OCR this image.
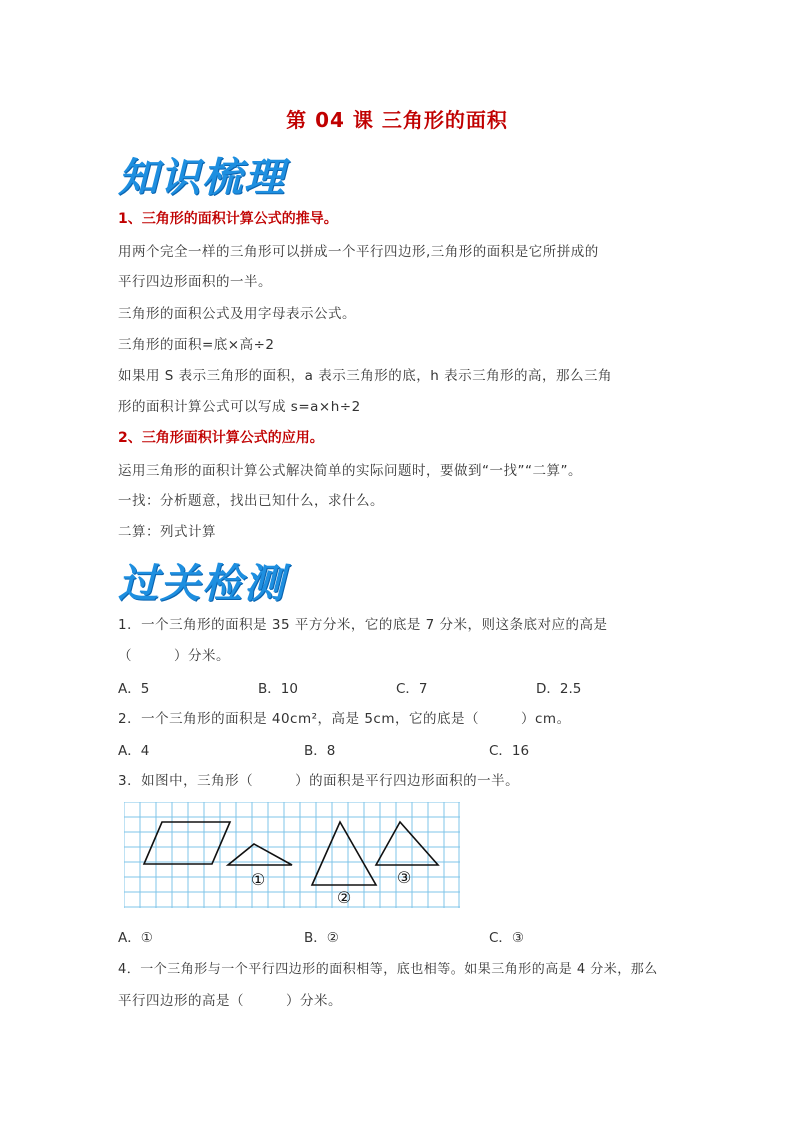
第 04 课 三角形的面积
知识梳理
1、三角形的面积计算公式的推导。
用两个完全一样的三角形可以拼成一个平行四边形,三角形的面积是它所拼成的
平行四边形面积的一半。
三角形的面积公式及用字母表示公式。
三角形的面积=底×高÷2
如果用 S 表示三角形的面积，a 表示三角形的底，h 表示三角形的高，那么三角
形的面积计算公式可以写成 s=a×h÷2
2、三角形面积计算公式的应用。
运用三角形的面积计算公式解决简单的实际问题时，要做到“一找”“二算”。
一找：分析题意，找出已知什么，求什么。
二算：列式计算
过关检测
1．一个三角形的面积是 35 平方分米，它的底是 7 分米，则这条底对应的高是
（　　　）分米。
A．5	B．10	C．7	D．2.5
2．一个三角形的面积是 40cm²，高是 5cm，它的底是（　　　）cm。
A．4	B．8	C．16
3．如图中，三角形（　　　）的面积是平行四边形面积的一半。
①
②
③
A．①	B．②	C．③
4．一个三角形与一个平行四边形的面积相等，底也相等。如果三角形的高是 4 分米，那么
平行四边形的高是（　　　）分米。
